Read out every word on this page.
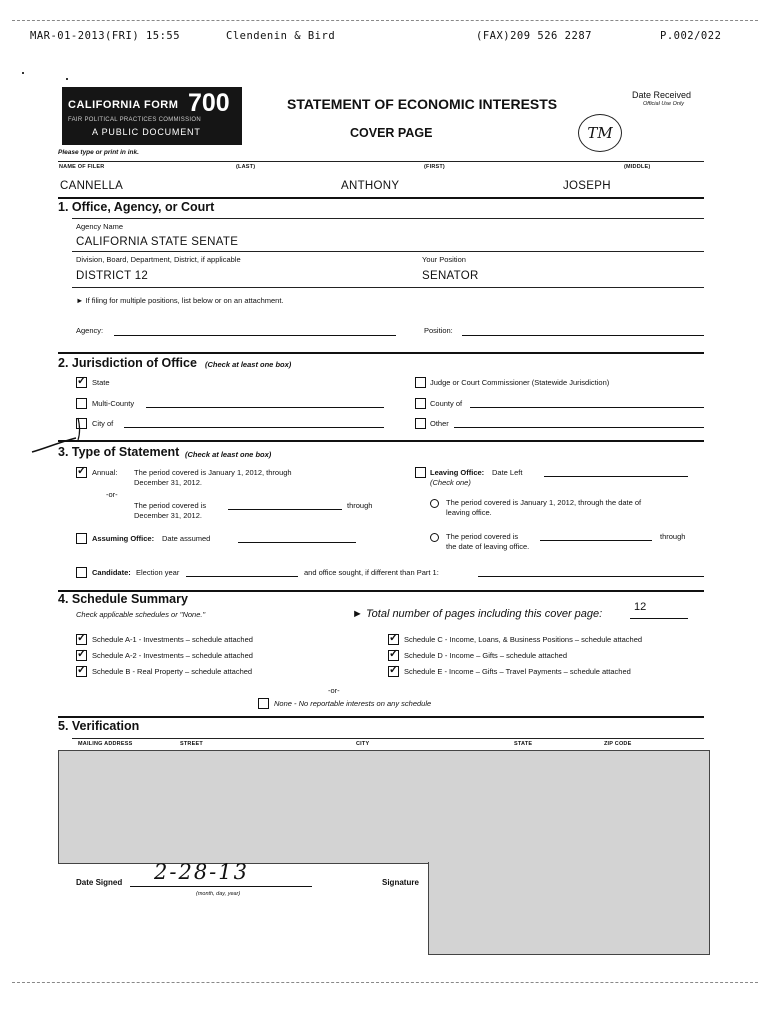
MAR-01-2013(FRI) 15:55	Clendenin & Bird	(FAX)209 526 2287	P.002/022
CALIFORNIA FORM 700
FAIR POLITICAL PRACTICES COMMISSION
A PUBLIC DOCUMENT
STATEMENT OF ECONOMIC INTERESTS
COVER PAGE
Date Received
Official Use Only
TM
Please type or print in ink.
NAME OF FILER	(LAST)	(FIRST)	(MIDDLE)
CANNELLA	ANTHONY	JOSEPH
1. Office, Agency, or Court
Agency Name
CALIFORNIA STATE SENATE
Division, Board, Department, District, if applicable	Your Position
DISTRICT 12	SENATOR
► If filing for multiple positions, list below or on an attachment.
Agency:	Position:
2. Jurisdiction of Office (Check at least one box)
✓
State
Multi-County
City of
Judge or Court Commissioner (Statewide Jurisdiction)
County of
Other
3. Type of Statement (Check at least one box)
✓
Annual: The period covered is January 1, 2012, through
December 31, 2012.
-or-
The period covered is	through
December 31, 2012.
Assuming Office: Date assumed
Candidate: Election year	and office sought, if different than Part 1:
Leaving Office: Date Left
(Check one)
The period covered is January 1, 2012, through the date of
leaving office.
The period covered is	through
the date of leaving office.
4. Schedule Summary
Check applicable schedules or "None."	► Total number of pages including this cover page:
12
✓
Schedule A-1 - Investments – schedule attached
✓
Schedule A-2 - Investments – schedule attached
✓
Schedule B - Real Property – schedule attached
✓
Schedule C - Income, Loans, & Business Positions – schedule attached
✓
Schedule D - Income – Gifts – schedule attached
✓
Schedule E - Income – Gifts – Travel Payments – schedule attached
-or-
None - No reportable interests on any schedule
5. Verification
MAILING ADDRESS	STREET	CITY	STATE	ZIP CODE
Date Signed 2-28-13
(month, day, year)
Signature
